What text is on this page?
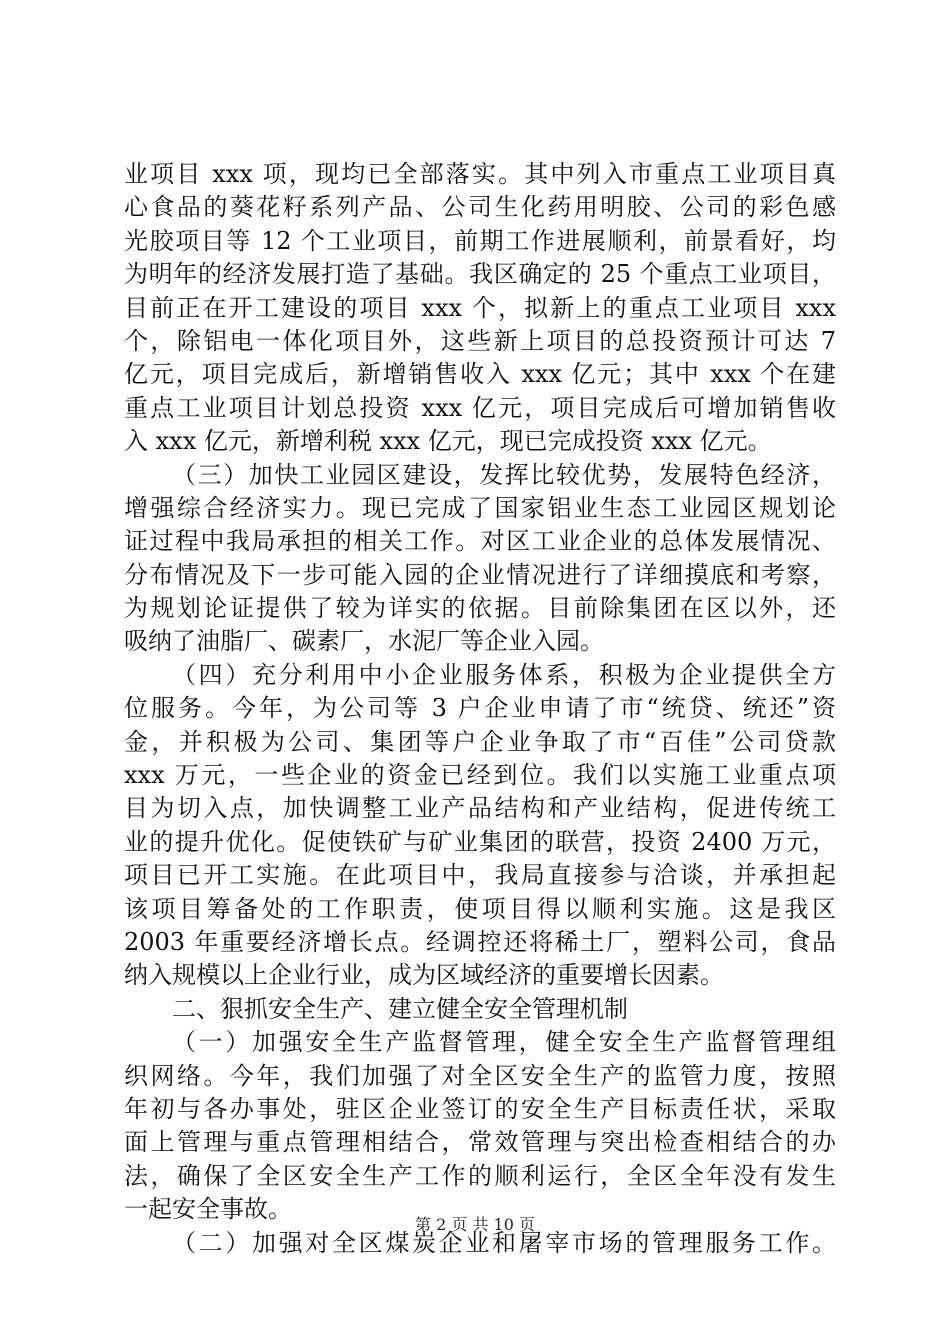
业项目 xxx 项，现均已全部落实。其中列入市重点工业项目真
心食品的葵花籽系列产品、公司生化药用明胶、公司的彩色感
光胶项目等 12 个工业项目，前期工作进展顺利，前景看好，均
为明年的经济发展打造了基础。我区确定的 25 个重点工业项目，
目前正在开工建设的项目 xxx 个，拟新上的重点工业项目 xxx
个，除铝电一体化项目外，这些新上项目的总投资预计可达 7
亿元，项目完成后，新增销售收入 xxx 亿元；其中 xxx 个在建
重点工业项目计划总投资 xxx 亿元，项目完成后可增加销售收
入 xxx 亿元，新增利税 xxx 亿元，现已完成投资 xxx 亿元。
（三）加快工业园区建设，发挥比较优势，发展特色经济，
增强综合经济实力。现已完成了国家铝业生态工业园区规划论
证过程中我局承担的相关工作。对区工业企业的总体发展情况、
分布情况及下一步可能入园的企业情况进行了详细摸底和考察，
为规划论证提供了较为详实的依据。目前除集团在区以外，还
吸纳了油脂厂、碳素厂，水泥厂等企业入园。
（四）充分利用中小企业服务体系，积极为企业提供全方
位服务。今年，为公司等 3 户企业申请了市“统贷、统还”资
金，并积极为公司、集团等户企业争取了市“百佳”公司贷款
xxx 万元，一些企业的资金已经到位。我们以实施工业重点项
目为切入点，加快调整工业产品结构和产业结构，促进传统工
业的提升优化。促使铁矿与矿业集团的联营，投资 2400 万元，
项目已开工实施。在此项目中，我局直接参与洽谈，并承担起
该项目筹备处的工作职责，使项目得以顺利实施。这是我区
2003 年重要经济增长点。经调控还将稀土厂，塑料公司，食品
纳入规模以上企业行业，成为区域经济的重要增长因素。
二、狠抓安全生产、建立健全安全管理机制
（一）加强安全生产监督管理，健全安全生产监督管理组
织网络。今年，我们加强了对全区安全生产的监管力度，按照
年初与各办事处，驻区企业签订的安全生产目标责任状，采取
面上管理与重点管理相结合，常效管理与突出检查相结合的办
法，确保了全区安全生产工作的顺利运行，全区全年没有发生
一起安全事故。
（二）加强对全区煤炭企业和屠宰市场的管理服务工作。
第 2 页 共 10 页
